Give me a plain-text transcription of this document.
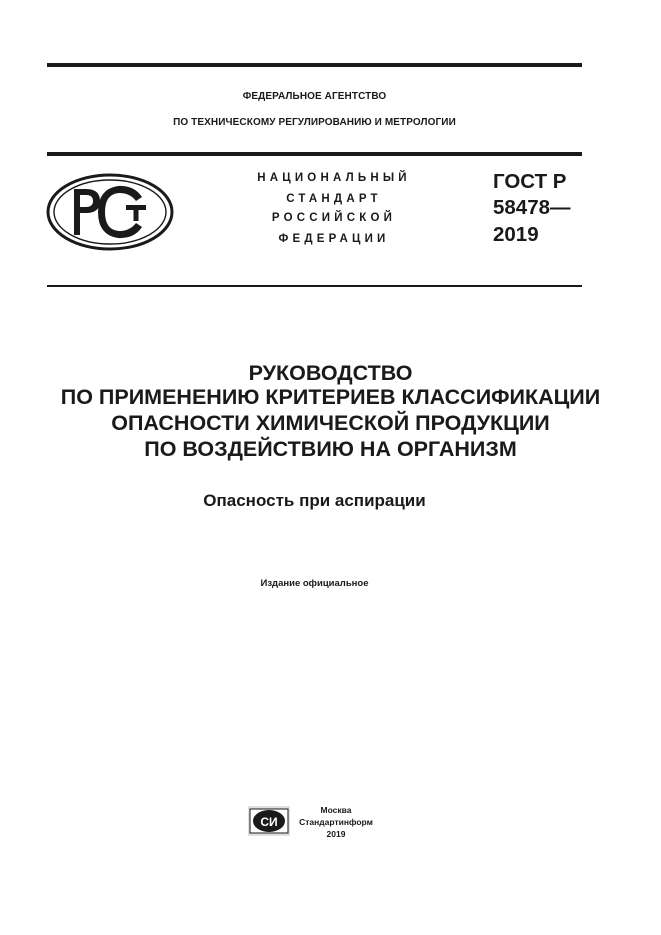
ФЕДЕРАЛЬНОЕ АГЕНТСТВО
ПО ТЕХНИЧЕСКОМУ РЕГУЛИРОВАНИЮ И МЕТРОЛОГИИ
НАЦИОНАЛЬНЫЙ
СТАНДАРТ
РОССИЙСКОЙ
ФЕДЕРАЦИИ
ГОСТ Р
58478—
2019
РУКОВОДСТВО
ПО ПРИМЕНЕНИЮ КРИТЕРИЕВ КЛАССИФИКАЦИИ
ОПАСНОСТИ ХИМИЧЕСКОЙ ПРОДУКЦИИ
ПО ВОЗДЕЙСТВИЮ НА ОРГАНИЗМ
Опасность при аспирации
Издание официальное
СИ
Москва
Стандартинформ
2019
